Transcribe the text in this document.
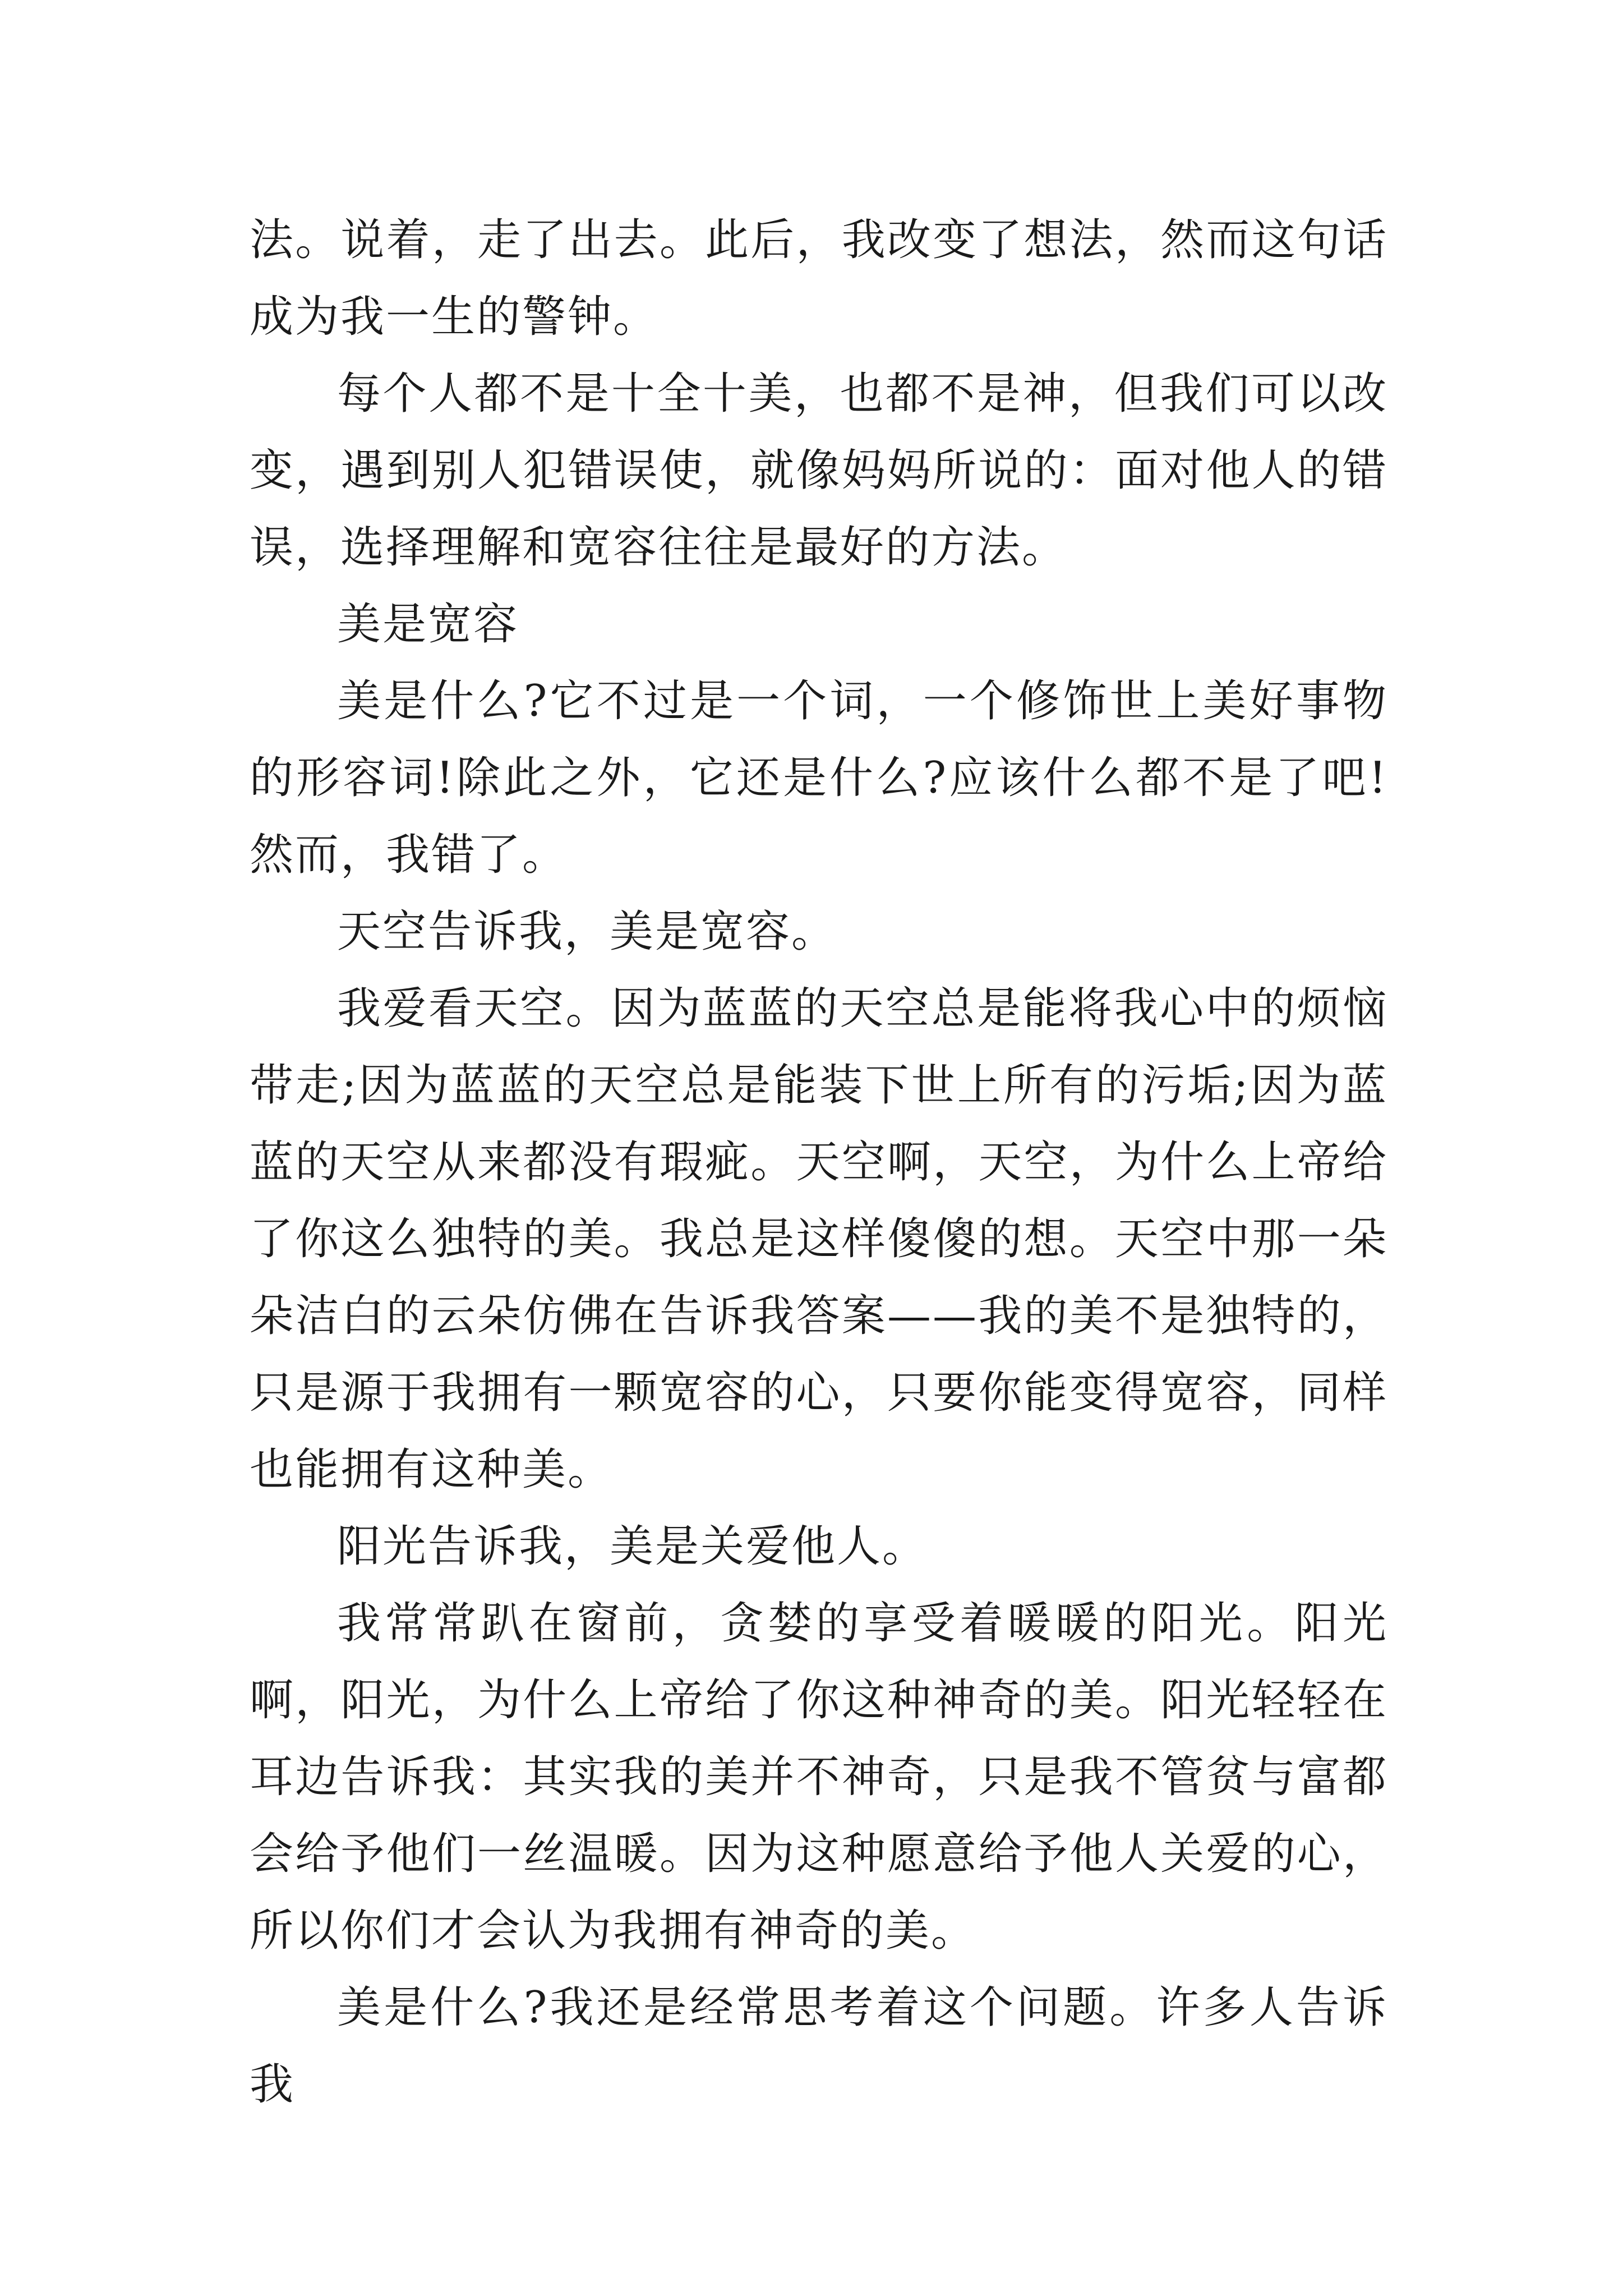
法。说着，走了出去。此后，我改变了想法，然而这句话成为我一生的警钟。

每个人都不是十全十美，也都不是神，但我们可以改变，遇到别人犯错误使，就像妈妈所说的：面对他人的错误，选择理解和宽容往往是最好的方法。

美是宽容

美是什么?它不过是一个词，一个修饰世上美好事物的形容词!除此之外，它还是什么?应该什么都不是了吧!然而，我错了。

天空告诉我，美是宽容。

我爱看天空。因为蓝蓝的天空总是能将我心中的烦恼带走;因为蓝蓝的天空总是能装下世上所有的污垢;因为蓝蓝的天空从来都没有瑕疵。天空啊，天空，为什么上帝给了你这么独特的美。我总是这样傻傻的想。天空中那一朵朵洁白的云朵仿佛在告诉我答案——我的美不是独特的，只是源于我拥有一颗宽容的心，只要你能变得宽容，同样也能拥有这种美。

阳光告诉我，美是关爱他人。

我常常趴在窗前，贪婪的享受着暖暖的阳光。阳光啊，阳光，为什么上帝给了你这种神奇的美。阳光轻轻在耳边告诉我：其实我的美并不神奇，只是我不管贫与富都会给予他们一丝温暖。因为这种愿意给予他人关爱的心，所以你们才会认为我拥有神奇的美。

美是什么?我还是经常思考着这个问题。许多人告诉我
